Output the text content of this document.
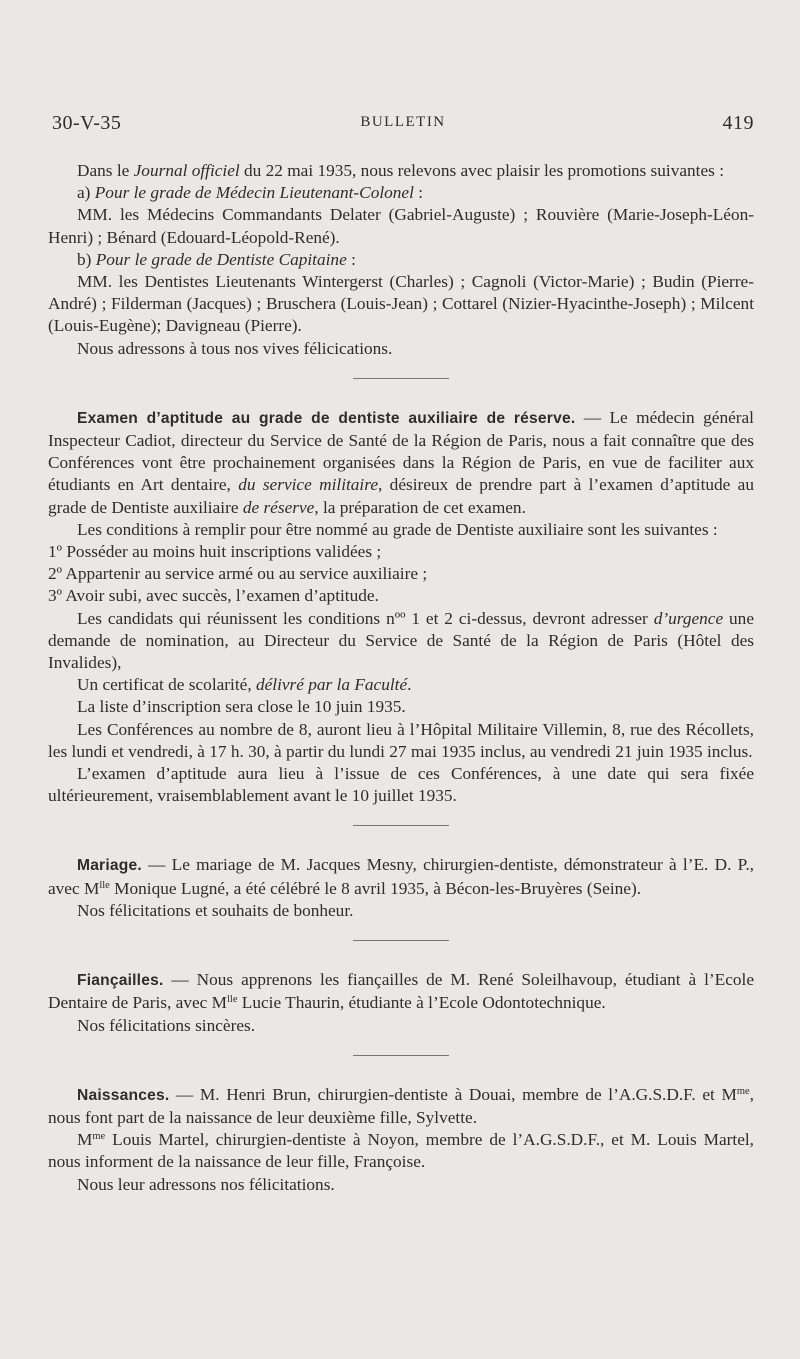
30-V-35	BULLETIN	419

Dans le Journal officiel du 22 mai 1935, nous relevons avec plaisir les promotions suivantes :

a) Pour le grade de Médecin Lieutenant-Colonel :

MM. les Médecins Commandants Delater (Gabriel-Auguste) ; Rouvière (Marie-Joseph-Léon-Henri) ; Bénard (Edouard-Léopold-René).

b) Pour le grade de Dentiste Capitaine :

MM. les Dentistes Lieutenants Wintergerst (Charles) ; Cagnoli (Victor-Marie) ; Budin (Pierre-André) ; Filderman (Jacques) ; Bruschera (Louis-Jean) ; Cottarel (Nizier-Hyacinthe-Joseph) ; Milcent (Louis-Eugène); Davigneau (Pierre).

Nous adressons à tous nos vives félicications.

Examen d’aptitude au grade de dentiste auxiliaire de réserve. — Le médecin général Inspecteur Cadiot, directeur du Service de Santé de la Région de Paris, nous a fait connaître que des Conférences vont être prochainement organisées dans la Région de Paris, en vue de faciliter aux étudiants en Art dentaire, du service militaire, désireux de prendre part à l’examen d’aptitude au grade de Dentiste auxiliaire de réserve, la préparation de cet examen.

Les conditions à remplir pour être nommé au grade de Dentiste auxiliaire sont les suivantes :

1º Posséder au moins huit inscriptions validées ;

2º Appartenir au service armé ou au service auxiliaire ;

3º Avoir subi, avec succès, l’examen d’aptitude.

Les candidats qui réunissent les conditions nºº 1 et 2 ci-dessus, devront adresser d’urgence une demande de nomination, au Directeur du Service de Santé de la Région de Paris (Hôtel des Invalides),

Un certificat de scolarité, délivré par la Faculté.

La liste d’inscription sera close le 10 juin 1935.

Les Conférences au nombre de 8, auront lieu à l’Hôpital Militaire Villemin, 8, rue des Récollets, les lundi et vendredi, à 17 h. 30, à partir du lundi 27 mai 1935 inclus, au vendredi 21 juin 1935 inclus.

L’examen d’aptitude aura lieu à l’issue de ces Conférences, à une date qui sera fixée ultérieurement, vraisemblablement avant le 10 juillet 1935.

Mariage. — Le mariage de M. Jacques Mesny, chirurgien-dentiste, démonstrateur à l’E. D. P., avec $M^{lle}$ Monique Lugné, a été célébré le 8 avril 1935, à Bécon-les-Bruyères (Seine).

Nos félicitations et souhaits de bonheur.

Fiançailles. — Nous apprenons les fiançailles de M. René Soleilhavoup, étudiant à l’Ecole Dentaire de Paris, avec $M^{lle}$ Lucie Thaurin, étudiante à l’Ecole Odontotechnique.

Nos félicitations sincères.

Naissances. — M. Henri Brun, chirurgien-dentiste à Douai, membre de l’A.G.S.D.F. et $M^{me}$, nous font part de la naissance de leur deuxième fille, Sylvette.

$M^{me}$ Louis Martel, chirurgien-dentiste à Noyon, membre de l’A.G.S.D.F., et M. Louis Martel, nous informent de la naissance de leur fille, Françoise.

Nous leur adressons nos félicitations.
